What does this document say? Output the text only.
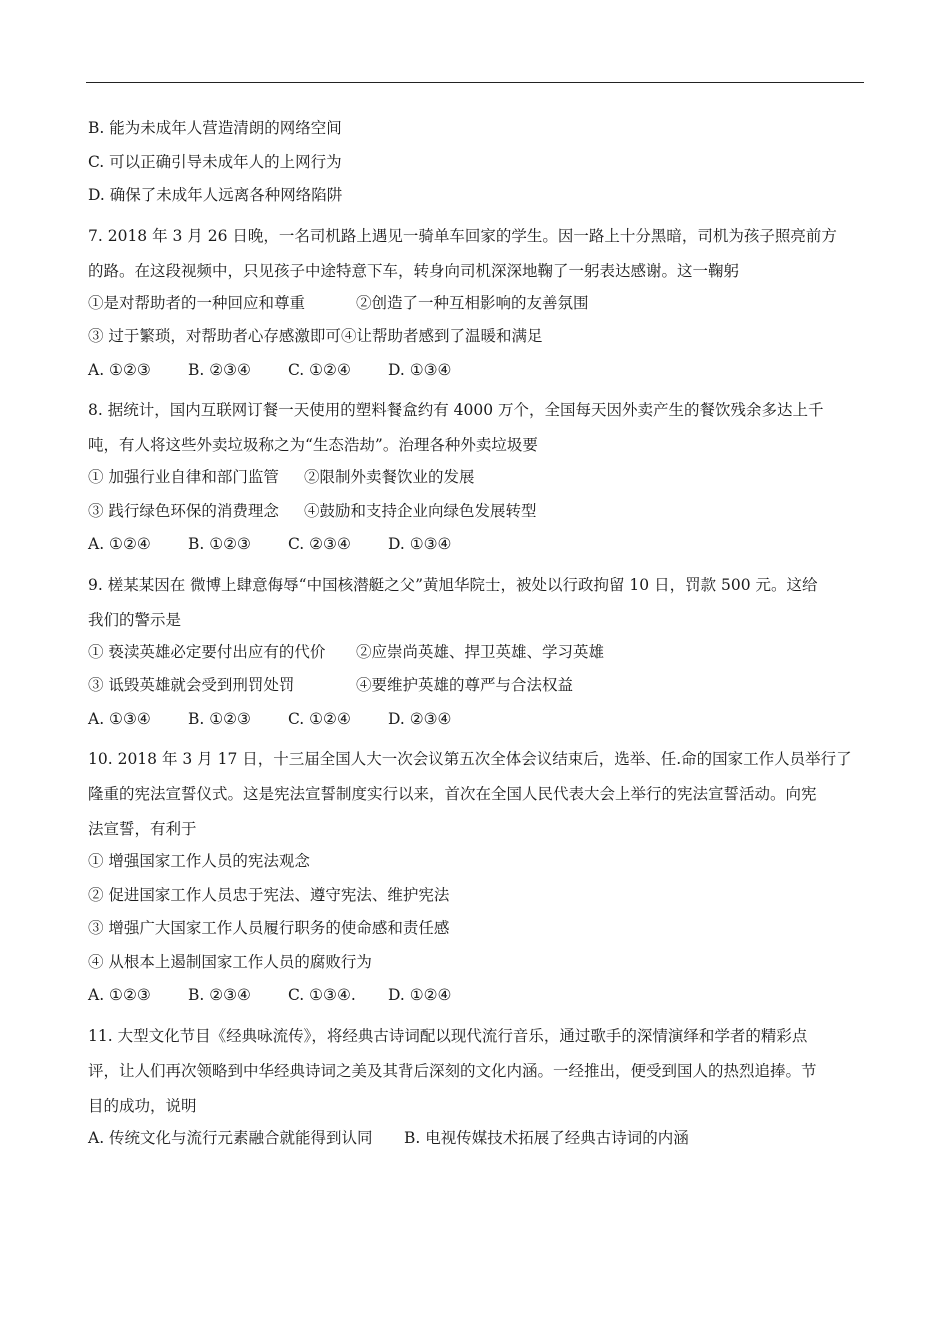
B. 能为未成年人营造清朗的网络空间
C. 可以正确引导未成年人的上网行为
D. 确保了未成年人远离各种网络陷阱
7. 2018 年 3 月 26 日晚，一名司机路上遇见一骑单车回家的学生。因一路上十分黑暗，司机为孩子照亮前方
的路。在这段视频中，只见孩子中途特意下车，转身向司机深深地鞠了一躬表达感谢。这一鞠躬
①是对帮助者的一种回应和尊重	②创造了一种互相影响的友善氛围
③ 过于繁琐，对帮助者心存感激即可④让帮助者感到了温暖和满足
A. ①②③ B. ②③④ C. ①②④ D. ①③④
8. 据统计，国内互联网订餐一天使用的塑料餐盒约有 4000 万个，全国每天因外卖产生的餐饮残余多达上千
吨，有人将这些外卖垃圾称之为“生态浩劫”。治理各种外卖垃圾要
① 加强行业自律和部门监管 ②限制外卖餐饮业的发展
③ 践行绿色环保的消费理念 ④鼓励和支持企业向绿色发展转型
A. ①②④ B. ①②③ C. ②③④ D. ①③④
9. 槎某某因在 微博上肆意侮辱“中国核潜艇之父”黄旭华院士，被处以行政拘留 10 日，罚款 500 元。这给
我们的警示是
① 亵渎英雄必定要付出应有的代价 ②应崇尚英雄、捍卫英雄、学习英雄
③ 诋毁英雄就会受到刑罚处罚	④要维护英雄的尊严与合法权益
A. ①③④ B. ①②③ C. ①②④ D. ②③④
10. 2018 年 3 月 17 日，十三届全国人大一次会议第五次全体会议结束后，选举、任.命的国家工作人员举行了
隆重的宪法宣誓仪式。这是宪法宣誓制度实行以来，首次在全国人民代表大会上举行的宪法宣誓活动。向宪
法宣誓，有利于
① 增强国家工作人员的宪法观念
② 促进国家工作人员忠于宪法、遵守宪法、维护宪法
③ 增强广大国家工作人员履行职务的使命感和责任感
④ 从根本上遏制国家工作人员的腐败行为
A. ①②③ B. ②③④ C. ①③④. D. ①②④
11. 大型文化节目《经典咏流传》，将经典古诗词配以现代流行音乐，通过歌手的深情演绎和学者的精彩点
评，让人们再次领略到中华经典诗词之美及其背后深刻的文化内涵。一经推出，便受到国人的热烈追捧。节
目的成功，说明
A. 传统文化与流行元素融合就能得到认同 B. 电视传媒技术拓展了经典古诗词的内涵
